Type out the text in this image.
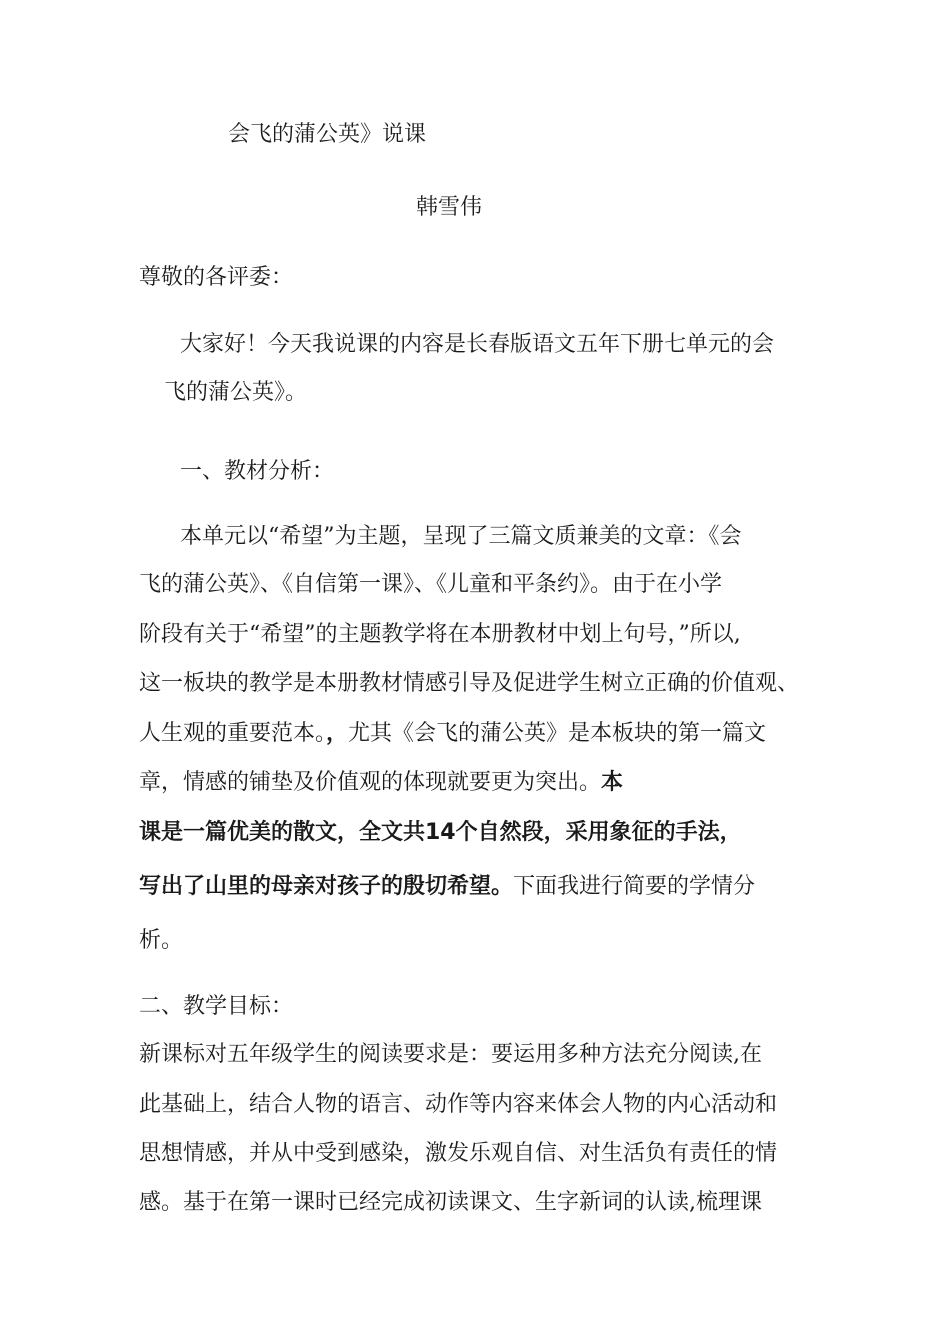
会飞的蒲公英》说课
韩雪伟
尊敬的各评委：
大家好！今天我说课的内容是长春版语文五年下册七单元的会
飞的蒲公英》。
一、教材分析：
本单元以“希望”为主题，呈现了三篇文质兼美的文章：《会
飞的蒲公英》、《自信第一课》、《儿童和平条约》。由于在小学
阶段有关于“希望”的主题教学将在本册教材中划上句号，”所以,
这一板块的教学是本册教材情感引导及促进学生树立正确的价值观、
人生观的重要范本。，尤其《会飞的蒲公英》是本板块的第一篇文
章，情感的铺垫及价值观的体现就要更为突出。本
课是一篇优美的散文，全文共14个自然段，采用象征的手法，
写出了山里的母亲对孩子的殷切希望。下面我进行简要的学情分
析。
二、教学目标：
新课标对五年级学生的阅读要求是：要运用多种方法充分阅读,在
此基础上，结合人物的语言、动作等内容来体会人物的内心活动和
思想情感，并从中受到感染，激发乐观自信、对生活负有责任的情
感。基于在第一课时已经完成初读课文、生字新词的认读,梳理课
